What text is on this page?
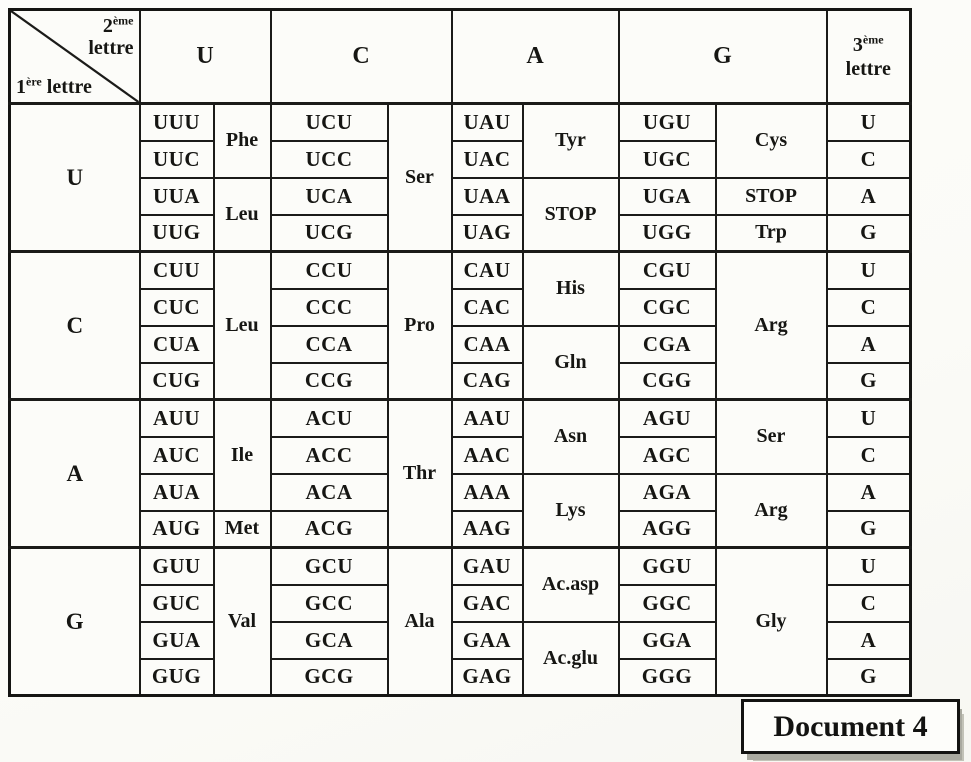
2ème
lettre
1ère lettre	U		C		A		G		3ème
lettre

U	UUU	Phe	UCU	Ser	UAU	Tyr	UGU	Cys	U
	UUC		UCC		UAC		UGC		C
	UUA	Leu	UCA		UAA	STOP	UGA	STOP	A
	UUG		UCG		UAG		UGG	Trp	G
C	CUU	Leu	CCU	Pro	CAU	His	CGU	Arg	U
	CUC		CCC		CAC		CGC		C
	CUA		CCA		CAA	Gln	CGA		A
	CUG		CCG		CAG		CGG		G
A	AUU	Ile	ACU	Thr	AAU	Asn	AGU	Ser	U
	AUC		ACC		AAC		AGC		C
	AUA		ACA		AAA	Lys	AGA	Arg	A
	AUG	Met	ACG		AAG		AGG		G
G	GUU	Val	GCU	Ala	GAU	Ac.asp	GGU	Gly	U
	GUC		GCC		GAC		GGC		C
	GUA		GCA		GAA	Ac.glu	GGA		A
	GUG		GCG		GAG		GGG		G
Document 4
